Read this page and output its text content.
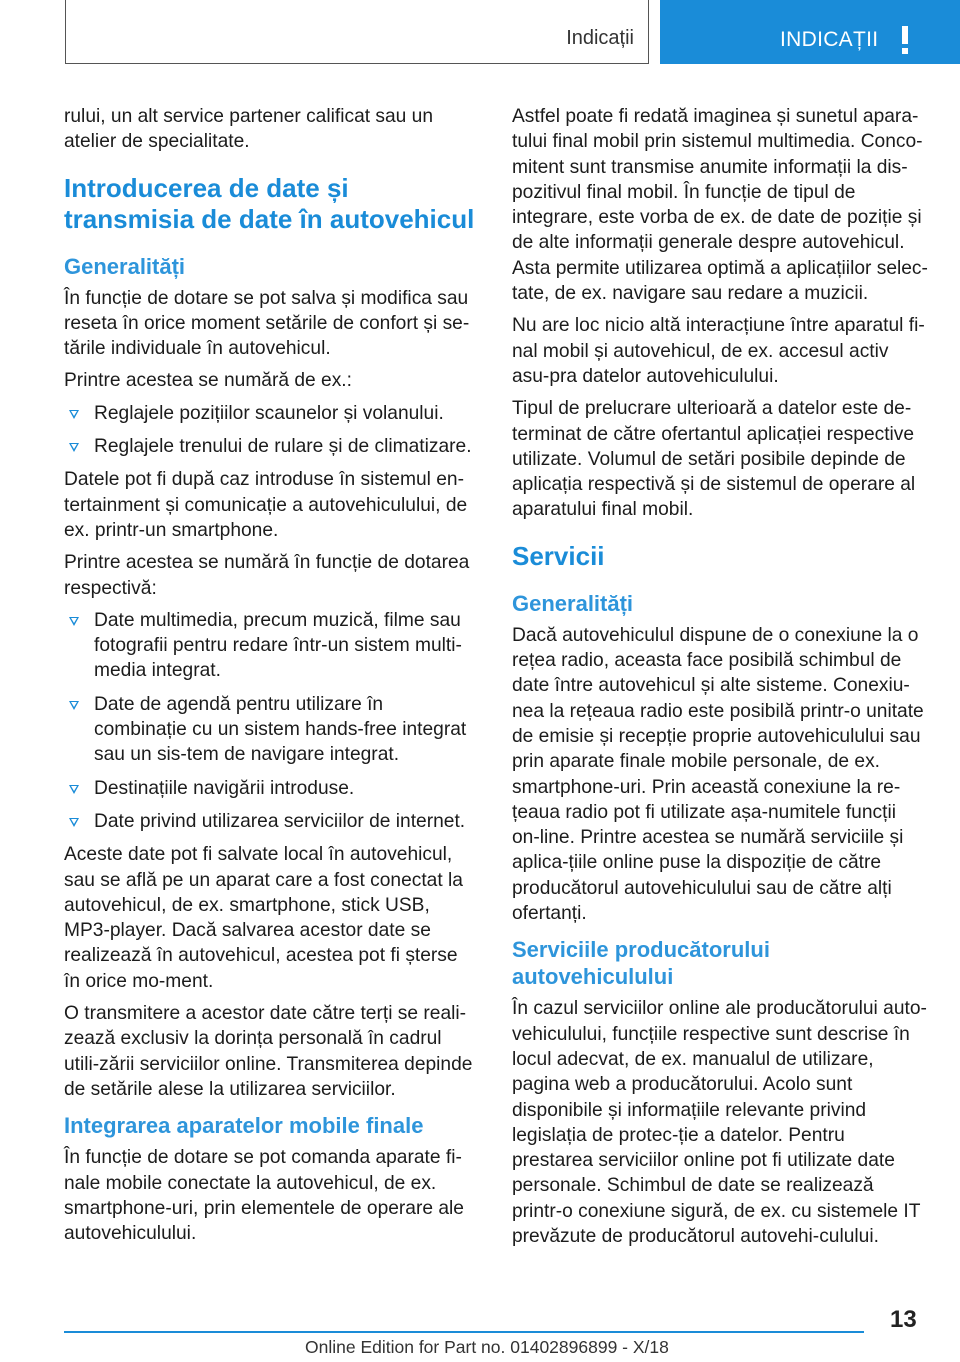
Indicații	INDICAȚII

rului, un alt service partener calificat sau un atelier de specialitate.

Introducerea de date și transmisia de date în autovehicul
Generalități

În funcție de dotare se pot salva și modifica sau reseta în orice moment setările de confort și se-tările individuale în autovehicul.

Printre acestea se numără de ex.:

Reglajele pozițiilor scaunelor și volanului.
Reglajele trenului de rulare și de climatizare.

Datele pot fi după caz introduse în sistemul en-tertainment și comunicație a autovehiculului, de ex. printr-un smartphone.

Printre acestea se numără în funcție de dotarea respectivă:

Date multimedia, precum muzică, filme sau fotografii pentru redare într-un sistem multi-media integrat.
Date de agendă pentru utilizare în combinație cu un sistem hands-free integrat sau un sis-tem de navigare integrat.
Destinațiile navigării introduse.
Date privind utilizarea serviciilor de internet.

Aceste date pot fi salvate local în autovehicul, sau se află pe un aparat care a fost conectat la autovehicul, de ex. smartphone, stick USB, MP3-player. Dacă salvarea acestor date se realizează în autovehicul, acestea pot fi șterse în orice mo-ment.

O transmitere a acestor date către terți se reali-zează exclusiv la dorința personală în cadrul utili-zării serviciilor online. Transmiterea depinde de setările alese la utilizarea serviciilor.

Integrarea aparatelor mobile finale

În funcție de dotare se pot comanda aparate fi-nale mobile conectate la autovehicul, de ex. smartphone-uri, prin elementele de operare ale autovehiculului.

Astfel poate fi redată imaginea și sunetul apara-tului final mobil prin sistemul multimedia. Conco-mitent sunt transmise anumite informații la dis-pozitivul final mobil. În funcție de tipul de integrare, este vorba de ex. de date de poziție și de alte informații generale despre autovehicul. Asta permite utilizarea optimă a aplicațiilor selec-tate, de ex. navigare sau redare a muzicii.

Nu are loc nicio altă interacțiune între aparatul fi-nal mobil și autovehicul, de ex. accesul activ asu-pra datelor autovehiculului.

Tipul de prelucrare ulterioară a datelor este de-terminat de către ofertantul aplicației respective utilizate. Volumul de setări posibile depinde de aplicația respectivă și de sistemul de operare al aparatului final mobil.

Servicii
Generalități

Dacă autovehiculul dispune de o conexiune la o rețea radio, aceasta face posibilă schimbul de date între autovehicul și alte sisteme. Conexiu-nea la rețeaua radio este posibilă printr-o unitate de emisie și recepție proprie autovehiculului sau prin aparate finale mobile personale, de ex. smartphone-uri. Prin această conexiune la re-țeaua radio pot fi utilizate așa-numitele funcții on-line. Printre acestea se numără serviciile și aplica-țiile online puse la dispoziție de către producătorul autovehiculului sau de către alți ofertanți.

Serviciile producătorului autovehiculului

În cazul serviciilor online ale producătorului auto-vehiculului, funcțiile respective sunt descrise în locul adecvat, de ex. manualul de utilizare, pagina web a producătorului. Acolo sunt disponibile și informațiile relevante privind legislația de protec-ție a datelor. Pentru prestarea serviciilor online pot fi utilizate date personale. Schimbul de date se realizează printr-o conexiune sigură, de ex. cu sistemele IT prevăzute de producătorul autovehi-culului.

13
Online Edition for Part no. 01402896899 - X/18
